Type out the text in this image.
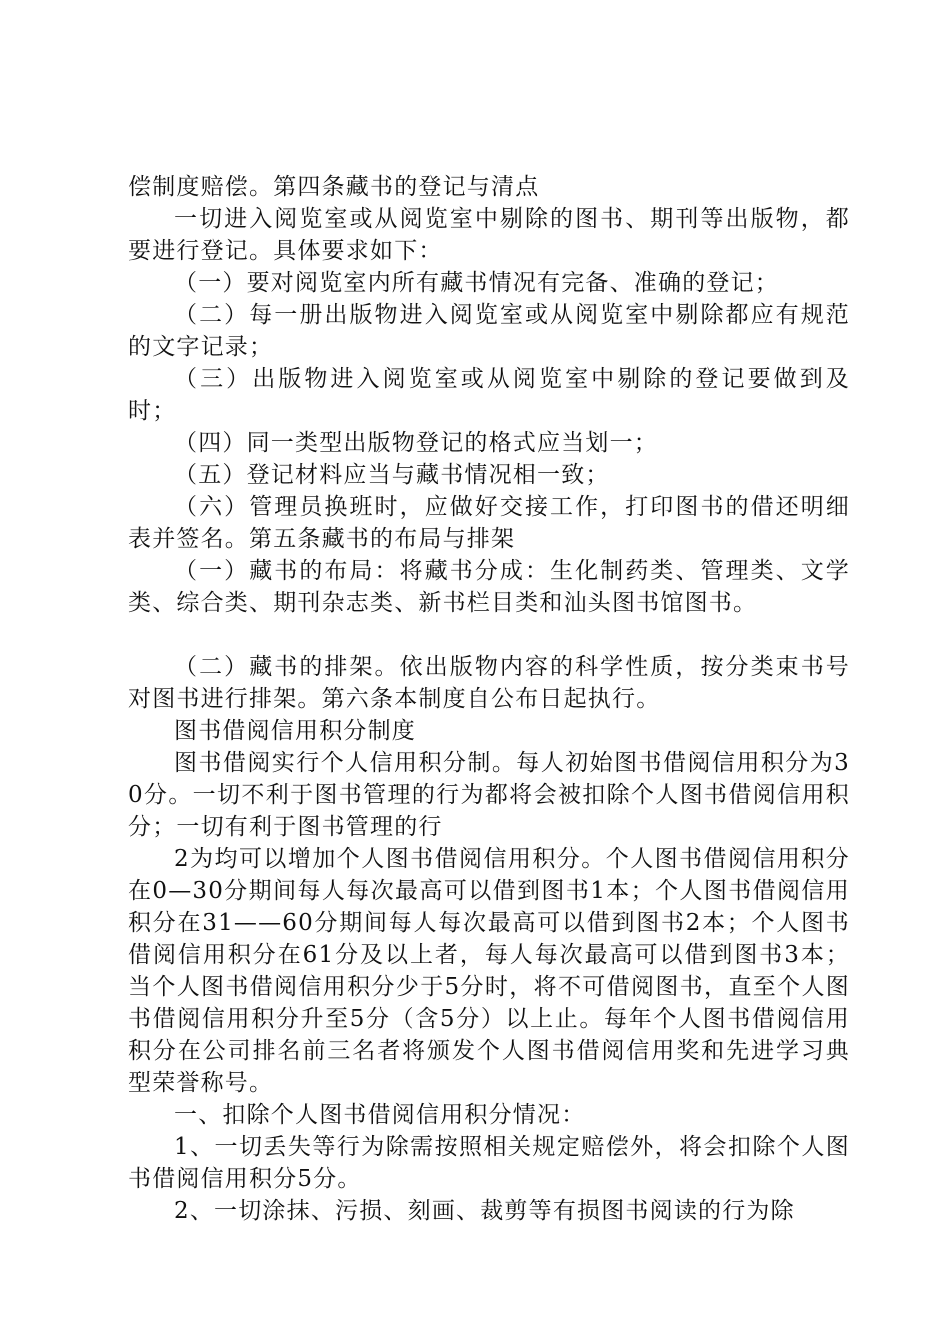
偿制度赔偿。第四条藏书的登记与清点

一切进入阅览室或从阅览室中剔除的图书、期刊等出版物，都要进行登记。具体要求如下：

（一）要对阅览室内所有藏书情况有完备、准确的登记；

（二）每一册出版物进入阅览室或从阅览室中剔除都应有规范的文字记录；

（三）出版物进入阅览室或从阅览室中剔除的登记要做到及时；

（四）同一类型出版物登记的格式应当划一；

（五）登记材料应当与藏书情况相一致；

（六）管理员换班时，应做好交接工作，打印图书的借还明细表并签名。第五条藏书的布局与排架

（一）藏书的布局：将藏书分成：生化制药类、管理类、文学类、综合类、期刊杂志类、新书栏目类和汕头图书馆图书。

（二）藏书的排架。依出版物内容的科学性质，按分类束书号对图书进行排架。第六条本制度自公布日起执行。

图书借阅信用积分制度

图书借阅实行个人信用积分制。每人初始图书借阅信用积分为30分。一切不利于图书管理的行为都将会被扣除个人图书借阅信用积分；一切有利于图书管理的行

2为均可以增加个人图书借阅信用积分。个人图书借阅信用积分在0—30分期间每人每次最高可以借到图书1本；个人图书借阅信用积分在31——60分期间每人每次最高可以借到图书2本；个人图书借阅信用积分在61分及以上者，每人每次最高可以借到图书3本；当个人图书借阅信用积分少于5分时，将不可借阅图书，直至个人图书借阅信用积分升至5分（含5分）以上止。每年个人图书借阅信用积分在公司排名前三名者将颁发个人图书借阅信用奖和先进学习典型荣誉称号。

一、扣除个人图书借阅信用积分情况：

1、一切丢失等行为除需按照相关规定赔偿外，将会扣除个人图书借阅信用积分5分。

2、一切涂抹、污损、刻画、裁剪等有损图书阅读的行为除
